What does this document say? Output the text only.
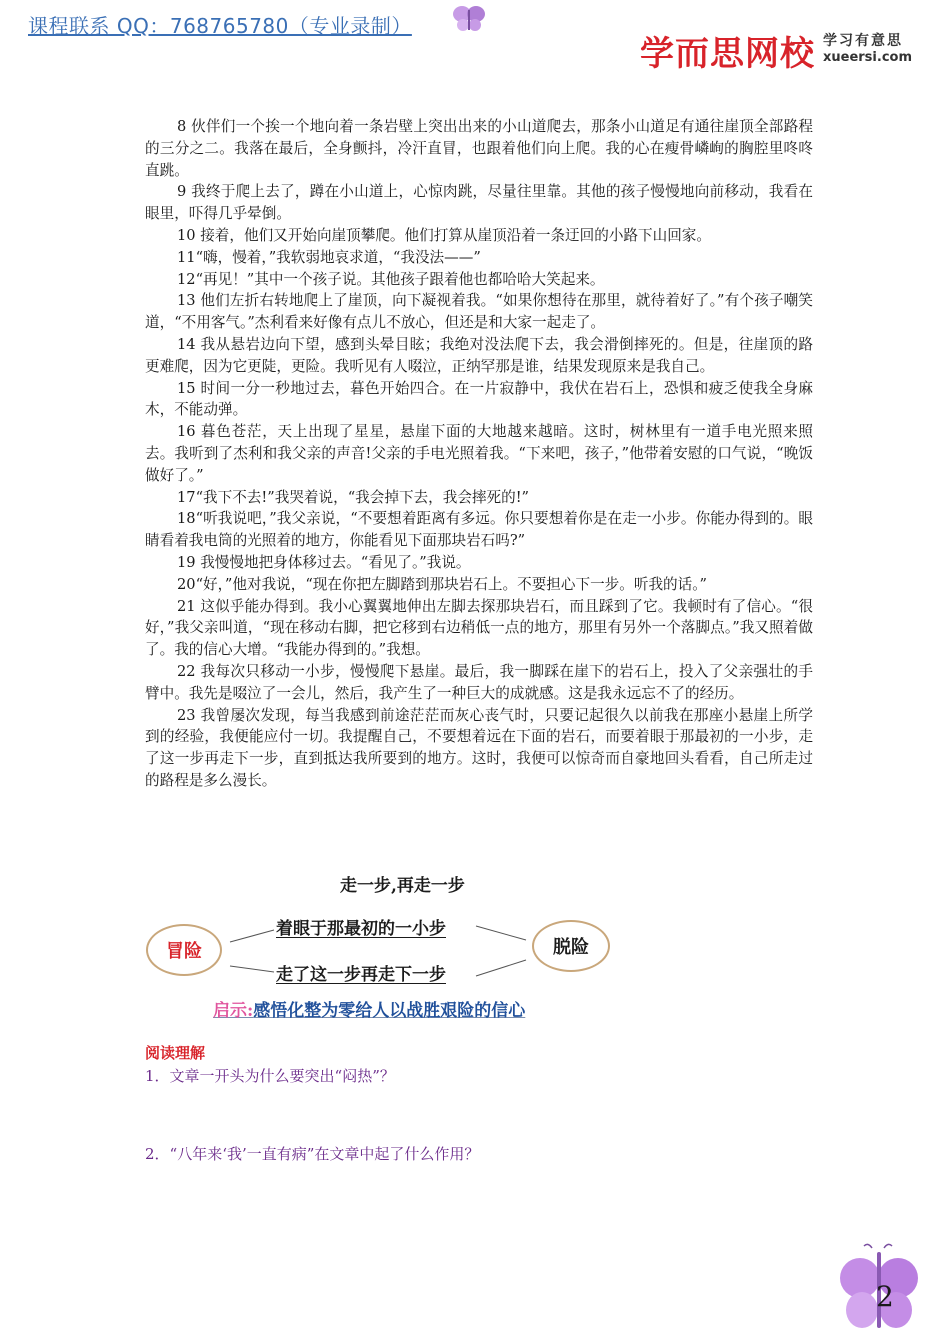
课程联系 QQ：768765780（专业录制）
学而思网校 学习有意思
xueersi.com

8 伙伴们一个挨一个地向着一条岩壁上突出出来的小山道爬去，那条小山道足有通往崖顶全部路程的三分之二。我落在最后，全身颤抖，冷汗直冒，也跟着他们向上爬。我的心在瘦骨嶙峋的胸腔里咚咚直跳。

9 我终于爬上去了，蹲在小山道上，心惊肉跳，尽量往里靠。其他的孩子慢慢地向前移动，我看在眼里，吓得几乎晕倒。

10 接着，他们又开始向崖顶攀爬。他们打算从崖顶沿着一条迂回的小路下山回家。

11“嗨，慢着，”我软弱地哀求道，“我没法——”

12“再见！”其中一个孩子说。其他孩子跟着他也都哈哈大笑起来。

13 他们左折右转地爬上了崖顶，向下凝视着我。“如果你想待在那里，就待着好了。”有个孩子嘲笑道，“不用客气。”杰利看来好像有点儿不放心，但还是和大家一起走了。

14 我从悬岩边向下望，感到头晕目眩；我绝对没法爬下去，我会滑倒摔死的。但是，往崖顶的路更难爬，因为它更陡，更险。我听见有人啜泣，正纳罕那是谁，结果发现原来是我自己。

15 时间一分一秒地过去，暮色开始四合。在一片寂静中，我伏在岩石上，恐惧和疲乏使我全身麻木，不能动弹。

16 暮色苍茫，天上出现了星星，悬崖下面的大地越来越暗。这时，树林里有一道手电光照来照去。我听到了杰利和我父亲的声音!父亲的手电光照着我。“下来吧，孩子，”他带着安慰的口气说，“晚饭做好了。”

17“我下不去!”我哭着说，“我会掉下去，我会摔死的!”

18“听我说吧，”我父亲说，“不要想着距离有多远。你只要想着你是在走一小步。你能办得到的。眼睛看着我电筒的光照着的地方，你能看见下面那块岩石吗?”

19 我慢慢地把身体移过去。“看见了。”我说。

20“好，”他对我说，“现在你把左脚踏到那块岩石上。不要担心下一步。听我的话。”

21 这似乎能办得到。我小心翼翼地伸出左脚去探那块岩石，而且踩到了它。我顿时有了信心。“很好，”我父亲叫道，“现在移动右脚，把它移到右边稍低一点的地方，那里有另外一个落脚点。”我又照着做了。我的信心大增。“我能办得到的。”我想。

22 我每次只移动一小步，慢慢爬下悬崖。最后，我一脚踩在崖下的岩石上，投入了父亲强壮的手臂中。我先是啜泣了一会儿，然后，我产生了一种巨大的成就感。这是我永远忘不了的经历。

23 我曾屡次发现，每当我感到前途茫茫而灰心丧气时，只要记起很久以前我在那座小悬崖上所学到的经验，我便能应付一切。我提醒自己，不要想着远在下面的岩石，而要着眼于那最初的一小步，走了这一步再走下一步，直到抵达我所要到的地方。这时，我便可以惊奇而自豪地回头看看，自己所走过的路程是多么漫长。

走一步,再走一步
冒险	脱险
着眼于那最初的一小步
走了这一步再走下一步
启示:感悟化整为零给人以战胜艰险的信心
阅读理解
1．文章一开头为什么要突出“闷热”？
2．“八年来‘我’一直有病”在文章中起了什么作用？
2
